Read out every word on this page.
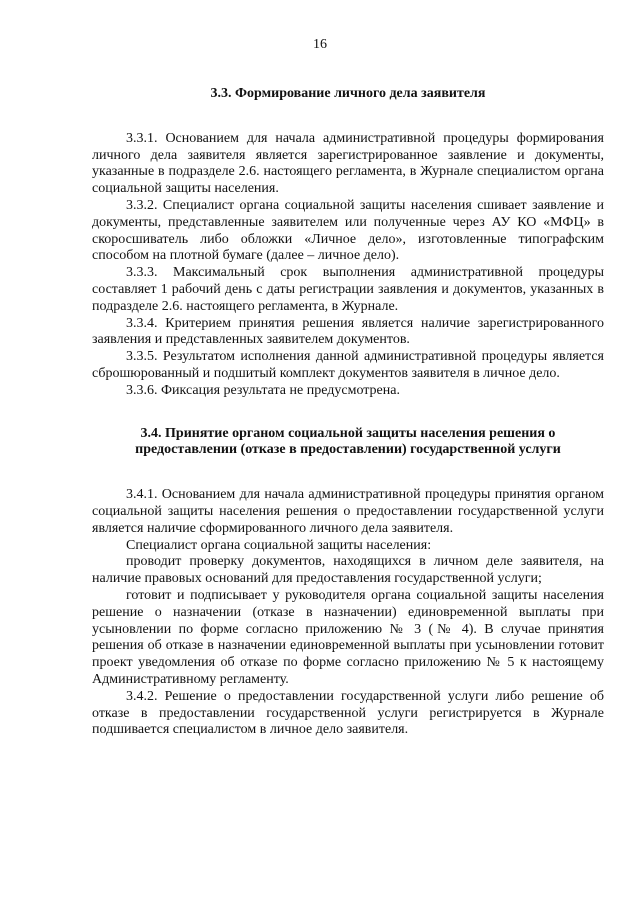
16
3.3. Формирование личного дела заявителя

3.3.1. Основанием для начала административной процедуры формирования личного дела заявителя является зарегистрированное заявление и документы, указанные в подразделе 2.6. настоящего регламента, в Журнале специалистом органа социальной защиты населения.

3.3.2. Специалист органа социальной защиты населения сшивает заявление и документы, представленные заявителем или полученные через АУ КО «МФЦ» в скоросшиватель либо обложки «Личное дело», изготовленные типографским способом на плотной бумаге (далее – личное дело).

3.3.3. Максимальный срок выполнения административной процедуры составляет 1 рабочий день с даты регистрации заявления и документов, указанных в подразделе 2.6. настоящего регламента, в Журнале.

3.3.4. Критерием принятия решения является наличие зарегистрированного заявления и представленных заявителем документов.

3.3.5. Результатом исполнения данной административной процедуры является сброшюрованный и подшитый комплект документов заявителя в личное дело.

3.3.6. Фиксация результата не предусмотрена.

3.4. Принятие органом социальной защиты населения решения о предоставлении (отказе в предоставлении) государственной услуги

3.4.1. Основанием для начала административной процедуры принятия органом социальной защиты населения решения о предоставлении государственной услуги является наличие сформированного личного дела заявителя.

Специалист органа социальной защиты населения:

проводит проверку документов, находящихся в личном деле заявителя, на наличие правовых оснований для предоставления государственной услуги;

готовит и подписывает у руководителя органа социальной защиты населения решение о назначении (отказе в назначении) единовременной выплаты при усыновлении по форме согласно приложению № 3 (№ 4). В случае принятия решения об отказе в назначении единовременной выплаты при усыновлении готовит проект уведомления об отказе по форме согласно приложению № 5 к настоящему Административному регламенту.

3.4.2. Решение о предоставлении государственной услуги либо решение об отказе в предоставлении государственной услуги регистрируется в Журнале подшивается специалистом в личное дело заявителя.
